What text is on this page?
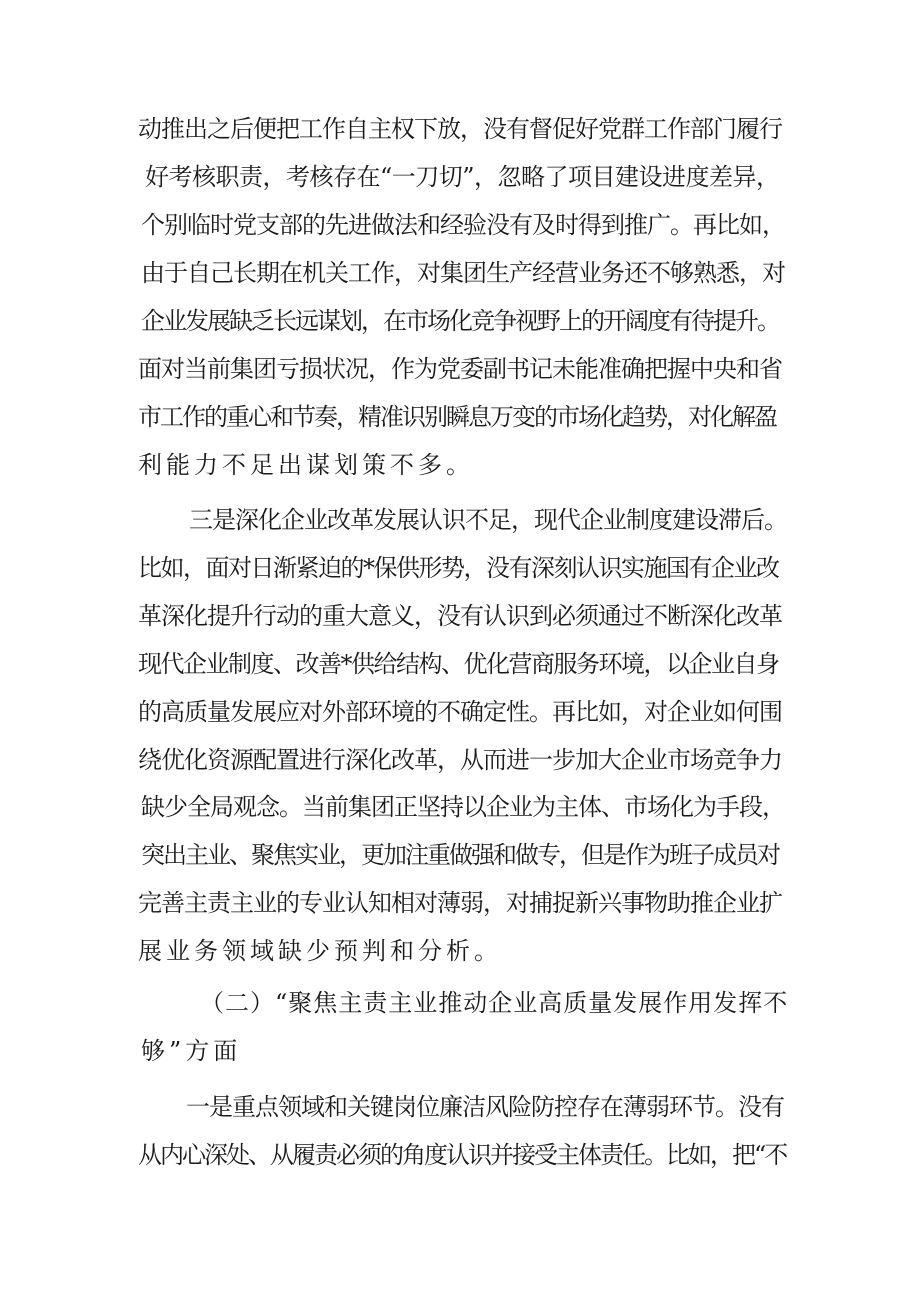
动推出之后便把工作自主权下放，没有督促好党群工作部门履行
好考核职责，考核存在“一刀切”，忽略了项目建设进度差异，
个别临时党支部的先进做法和经验没有及时得到推广。再比如，
由于自己长期在机关工作，对集团生产经营业务还不够熟悉，对
企业发展缺乏长远谋划，在市场化竞争视野上的开阔度有待提升。
面对当前集团亏损状况，作为党委副书记未能准确把握中央和省
市工作的重心和节奏，精准识别瞬息万变的市场化趋势，对化解盈
利能力不足出谋划策不多。
三是深化企业改革发展认识不足，现代企业制度建设滞后。
比如，面对日渐紧迫的*保供形势，没有深刻认识实施国有企业改
革深化提升行动的重大意义，没有认识到必须通过不断深化改革
现代企业制度、改善*供给结构、优化营商服务环境，以企业自身
的高质量发展应对外部环境的不确定性。再比如，对企业如何围
绕优化资源配置进行深化改革，从而进一步加大企业市场竞争力
缺少全局观念。当前集团正坚持以企业为主体、市场化为手段，
突出主业、聚焦实业，更加注重做强和做专，但是作为班子成员对
完善主责主业的专业认知相对薄弱，对捕捉新兴事物助推企业扩
展业务领域缺少预判和分析。
（二）“聚焦主责主业推动企业高质量发展作用发挥不
够”方面
一是重点领域和关键岗位廉洁风险防控存在薄弱环节。没有
从内心深处、从履责必须的角度认识并接受主体责任。比如，把“不
